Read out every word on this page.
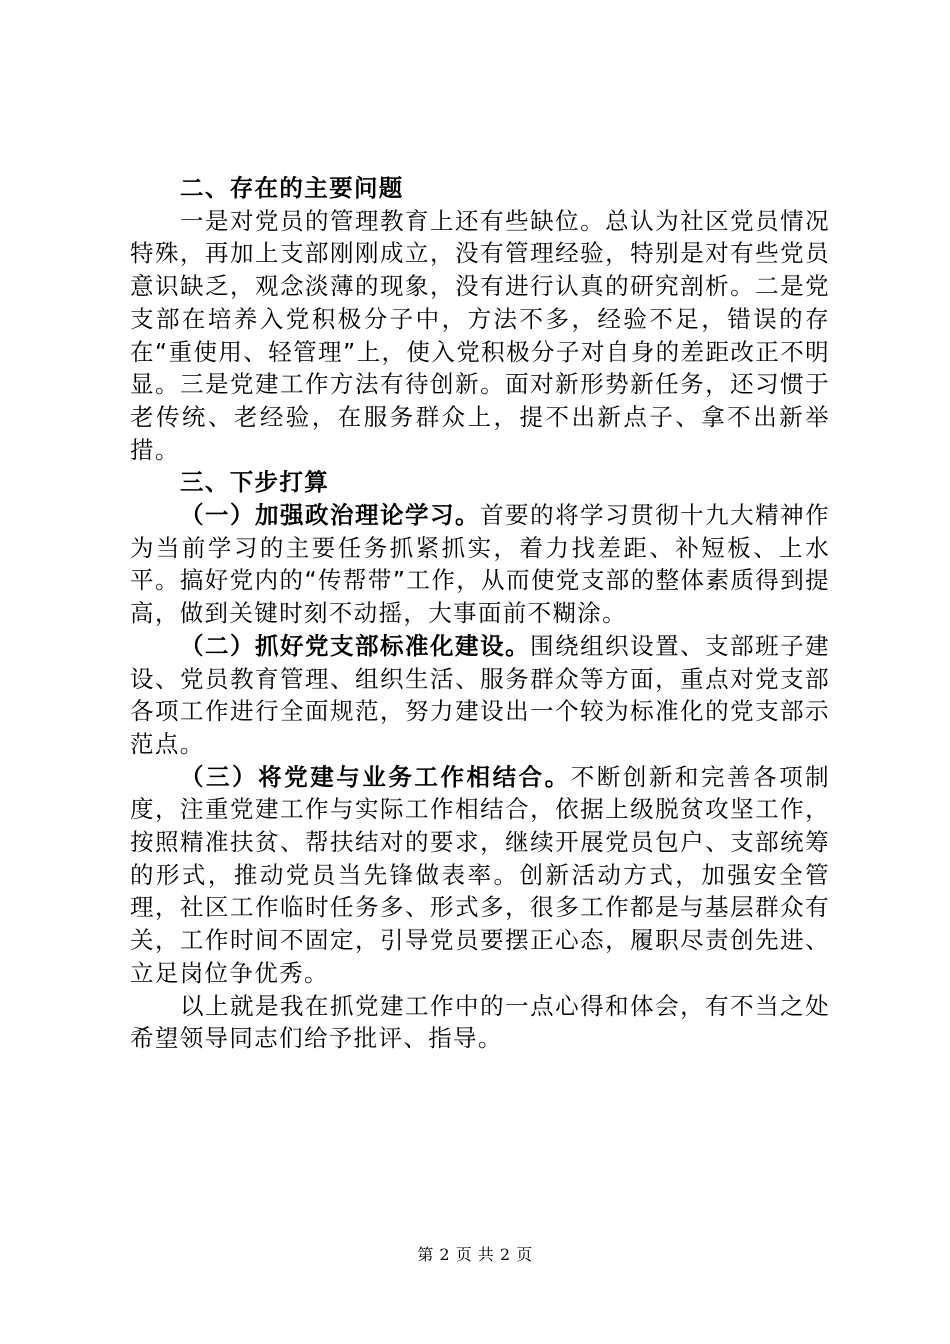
二、存在的主要问题

一是对党员的管理教育上还有些缺位。总认为社区党员情况特殊，再加上支部刚刚成立，没有管理经验，特别是对有些党员意识缺乏，观念淡薄的现象，没有进行认真的研究剖析。二是党支部在培养入党积极分子中，方法不多，经验不足，错误的存在“重使用、轻管理”上，使入党积极分子对自身的差距改正不明显。三是党建工作方法有待创新。面对新形势新任务，还习惯于老传统、老经验，在服务群众上，提不出新点子、拿不出新举措。

三、下步打算

（一）加强政治理论学习。首要的将学习贯彻十九大精神作为当前学习的主要任务抓紧抓实，着力找差距、补短板、上水平。搞好党内的“传帮带”工作，从而使党支部的整体素质得到提高，做到关键时刻不动摇，大事面前不糊涂。

（二）抓好党支部标准化建设。围绕组织设置、支部班子建设、党员教育管理、组织生活、服务群众等方面，重点对党支部各项工作进行全面规范，努力建设出一个较为标准化的党支部示范点。

（三）将党建与业务工作相结合。不断创新和完善各项制度，注重党建工作与实际工作相结合，依据上级脱贫攻坚工作，按照精准扶贫、帮扶结对的要求，继续开展党员包户、支部统筹的形式，推动党员当先锋做表率。创新活动方式，加强安全管理，社区工作临时任务多、形式多，很多工作都是与基层群众有关，工作时间不固定，引导党员要摆正心态，履职尽责创先进、立足岗位争优秀。

以上就是我在抓党建工作中的一点心得和体会，有不当之处希望领导同志们给予批评、指导。

第 2 页 共 2 页
